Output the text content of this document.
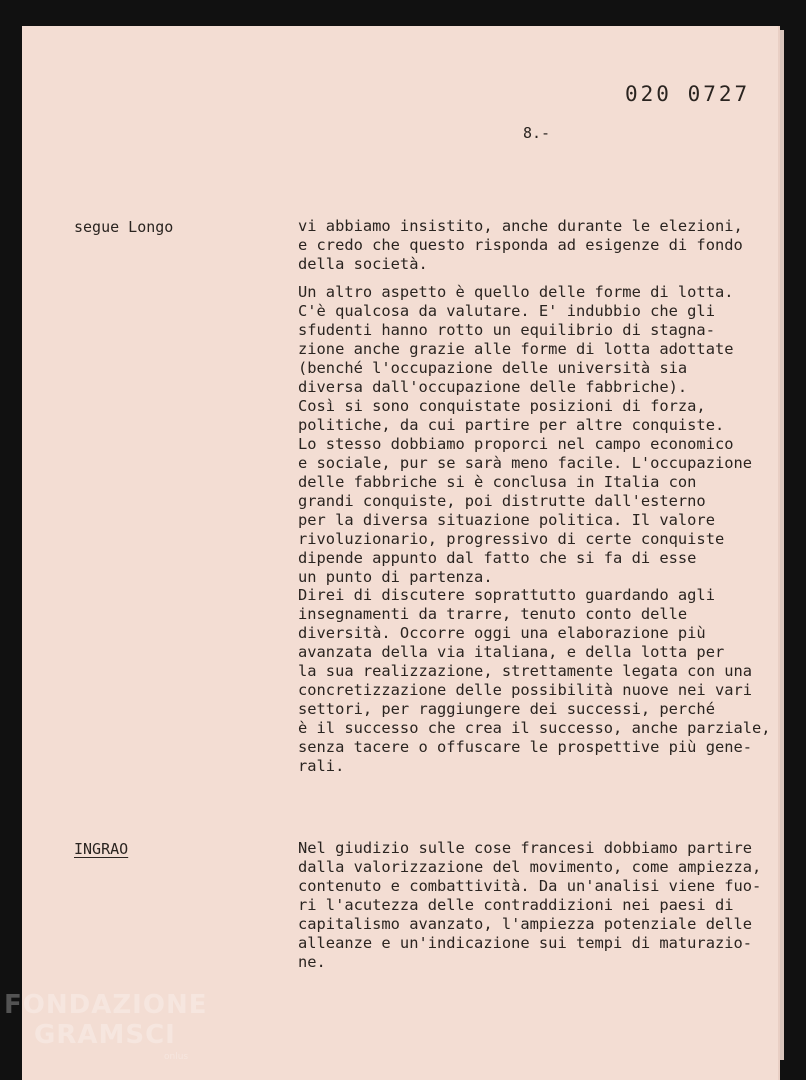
020 0727
8.-
segue Longo	vi abbiamo insistito, anche durante le elezioni,
e credo che questo risponda ad esigenze di fondo
della società.
Un altro aspetto è quello delle forme di lotta.
C'è qualcosa da valutare. E' indubbio che gli
sfudenti hanno rotto un equilibrio di stagna-
zione anche grazie alle forme di lotta adottate
(benché l'occupazione delle università sia
diversa dall'occupazione delle fabbriche).
Così si sono conquistate posizioni di forza,
politiche, da cui partire per altre conquiste.
Lo stesso dobbiamo proporci nel campo economico
e sociale, pur se sarà meno facile. L'occupazione
delle fabbriche si è conclusa in Italia con
grandi conquiste, poi distrutte dall'esterno
per la diversa situazione politica. Il valore
rivoluzionario, progressivo di certe conquiste
dipende appunto dal fatto che si fa di esse
un punto di partenza.
Direi di discutere soprattutto guardando agli
insegnamenti da trarre, tenuto conto delle
diversità. Occorre oggi una elaborazione più
avanzata della via italiana, e della lotta per
la sua realizzazione, strettamente legata con una
concretizzazione delle possibilità nuove nei vari
settori, per raggiungere dei successi, perché
è il successo che crea il successo, anche parziale,
senza tacere o offuscare le prospettive più gene-
rali.
INGRAO	Nel giudizio sulle cose francesi dobbiamo partire
dalla valorizzazione del movimento, come ampiezza,
contenuto e combattività. Da un'analisi viene fuo-
ri l'acutezza delle contraddizioni nei paesi di
capitalismo avanzato, l'ampiezza potenziale delle
alleanze e un'indicazione sui tempi di maturazio-
ne.
FONDAZIONE
GRAMSCI
onlus
